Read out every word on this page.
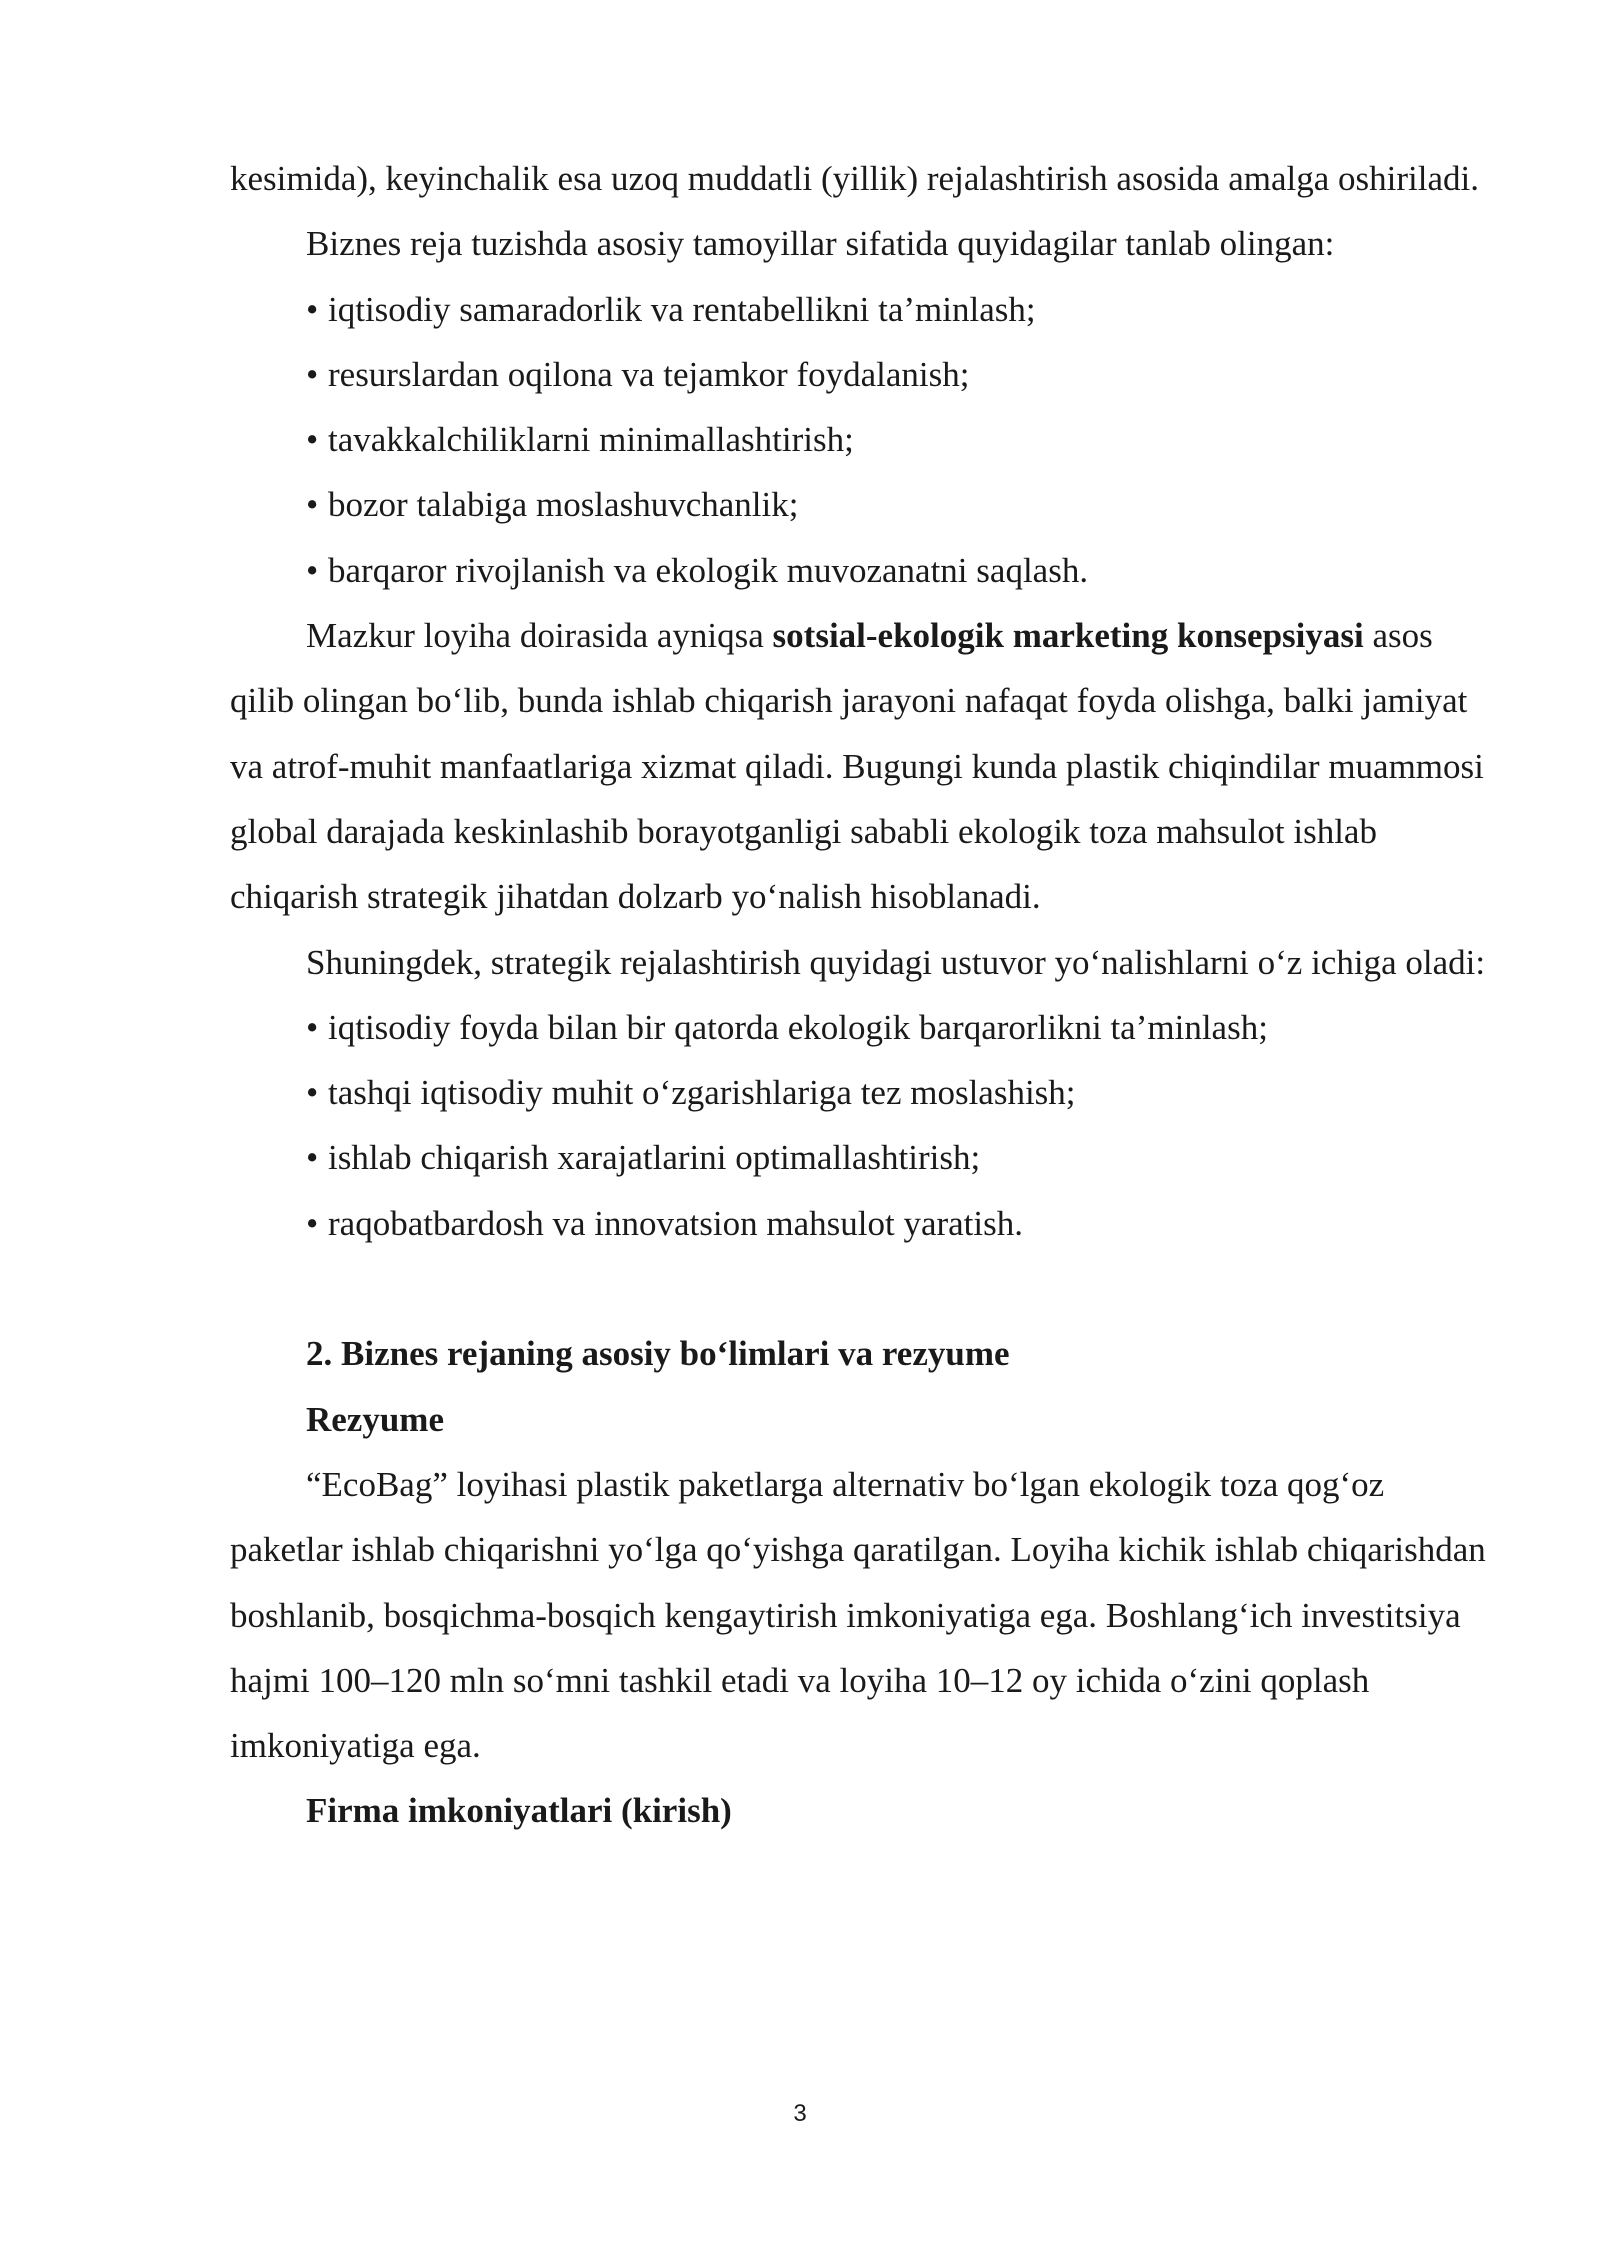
kesimida), keyinchalik esa uzoq muddatli (yillik) rejalashtirish asosida amalga oshiriladi.

Biznes reja tuzishda asosiy tamoyillar sifatida quyidagilar tanlab olingan:

• iqtisodiy samaradorlik va rentabellikni ta’minlash;

• resurslardan oqilona va tejamkor foydalanish;

• tavakkalchiliklarni minimallashtirish;

• bozor talabiga moslashuvchanlik;

• barqaror rivojlanish va ekologik muvozanatni saqlash.

Mazkur loyiha doirasida ayniqsa sotsial-ekologik marketing konsepsiyasi asos qilib olingan bo‘lib, bunda ishlab chiqarish jarayoni nafaqat foyda olishga, balki jamiyat va atrof-muhit manfaatlariga xizmat qiladi. Bugungi kunda plastik chiqindilar muammosi global darajada keskinlashib borayotganligi sababli ekologik toza mahsulot ishlab chiqarish strategik jihatdan dolzarb yo‘nalish hisoblanadi.

Shuningdek, strategik rejalashtirish quyidagi ustuvor yo‘nalishlarni o‘z ichiga oladi:

• iqtisodiy foyda bilan bir qatorda ekologik barqarorlikni ta’minlash;

• tashqi iqtisodiy muhit o‘zgarishlariga tez moslashish;

• ishlab chiqarish xarajatlarini optimallashtirish;

• raqobatbardosh va innovatsion mahsulot yaratish.

2. Biznes rejaning asosiy bo‘limlari va rezyume

Rezyume

“EcoBag” loyihasi plastik paketlarga alternativ bo‘lgan ekologik toza qog‘oz paketlar ishlab chiqarishni yo‘lga qo‘yishga qaratilgan. Loyiha kichik ishlab chiqarishdan boshlanib, bosqichma-bosqich kengaytirish imkoniyatiga ega. Boshlang‘ich investitsiya hajmi 100–120 mln so‘mni tashkil etadi va loyiha 10–12 oy ichida o‘zini qoplash imkoniyatiga ega.

Firma imkoniyatlari (kirish)

3
